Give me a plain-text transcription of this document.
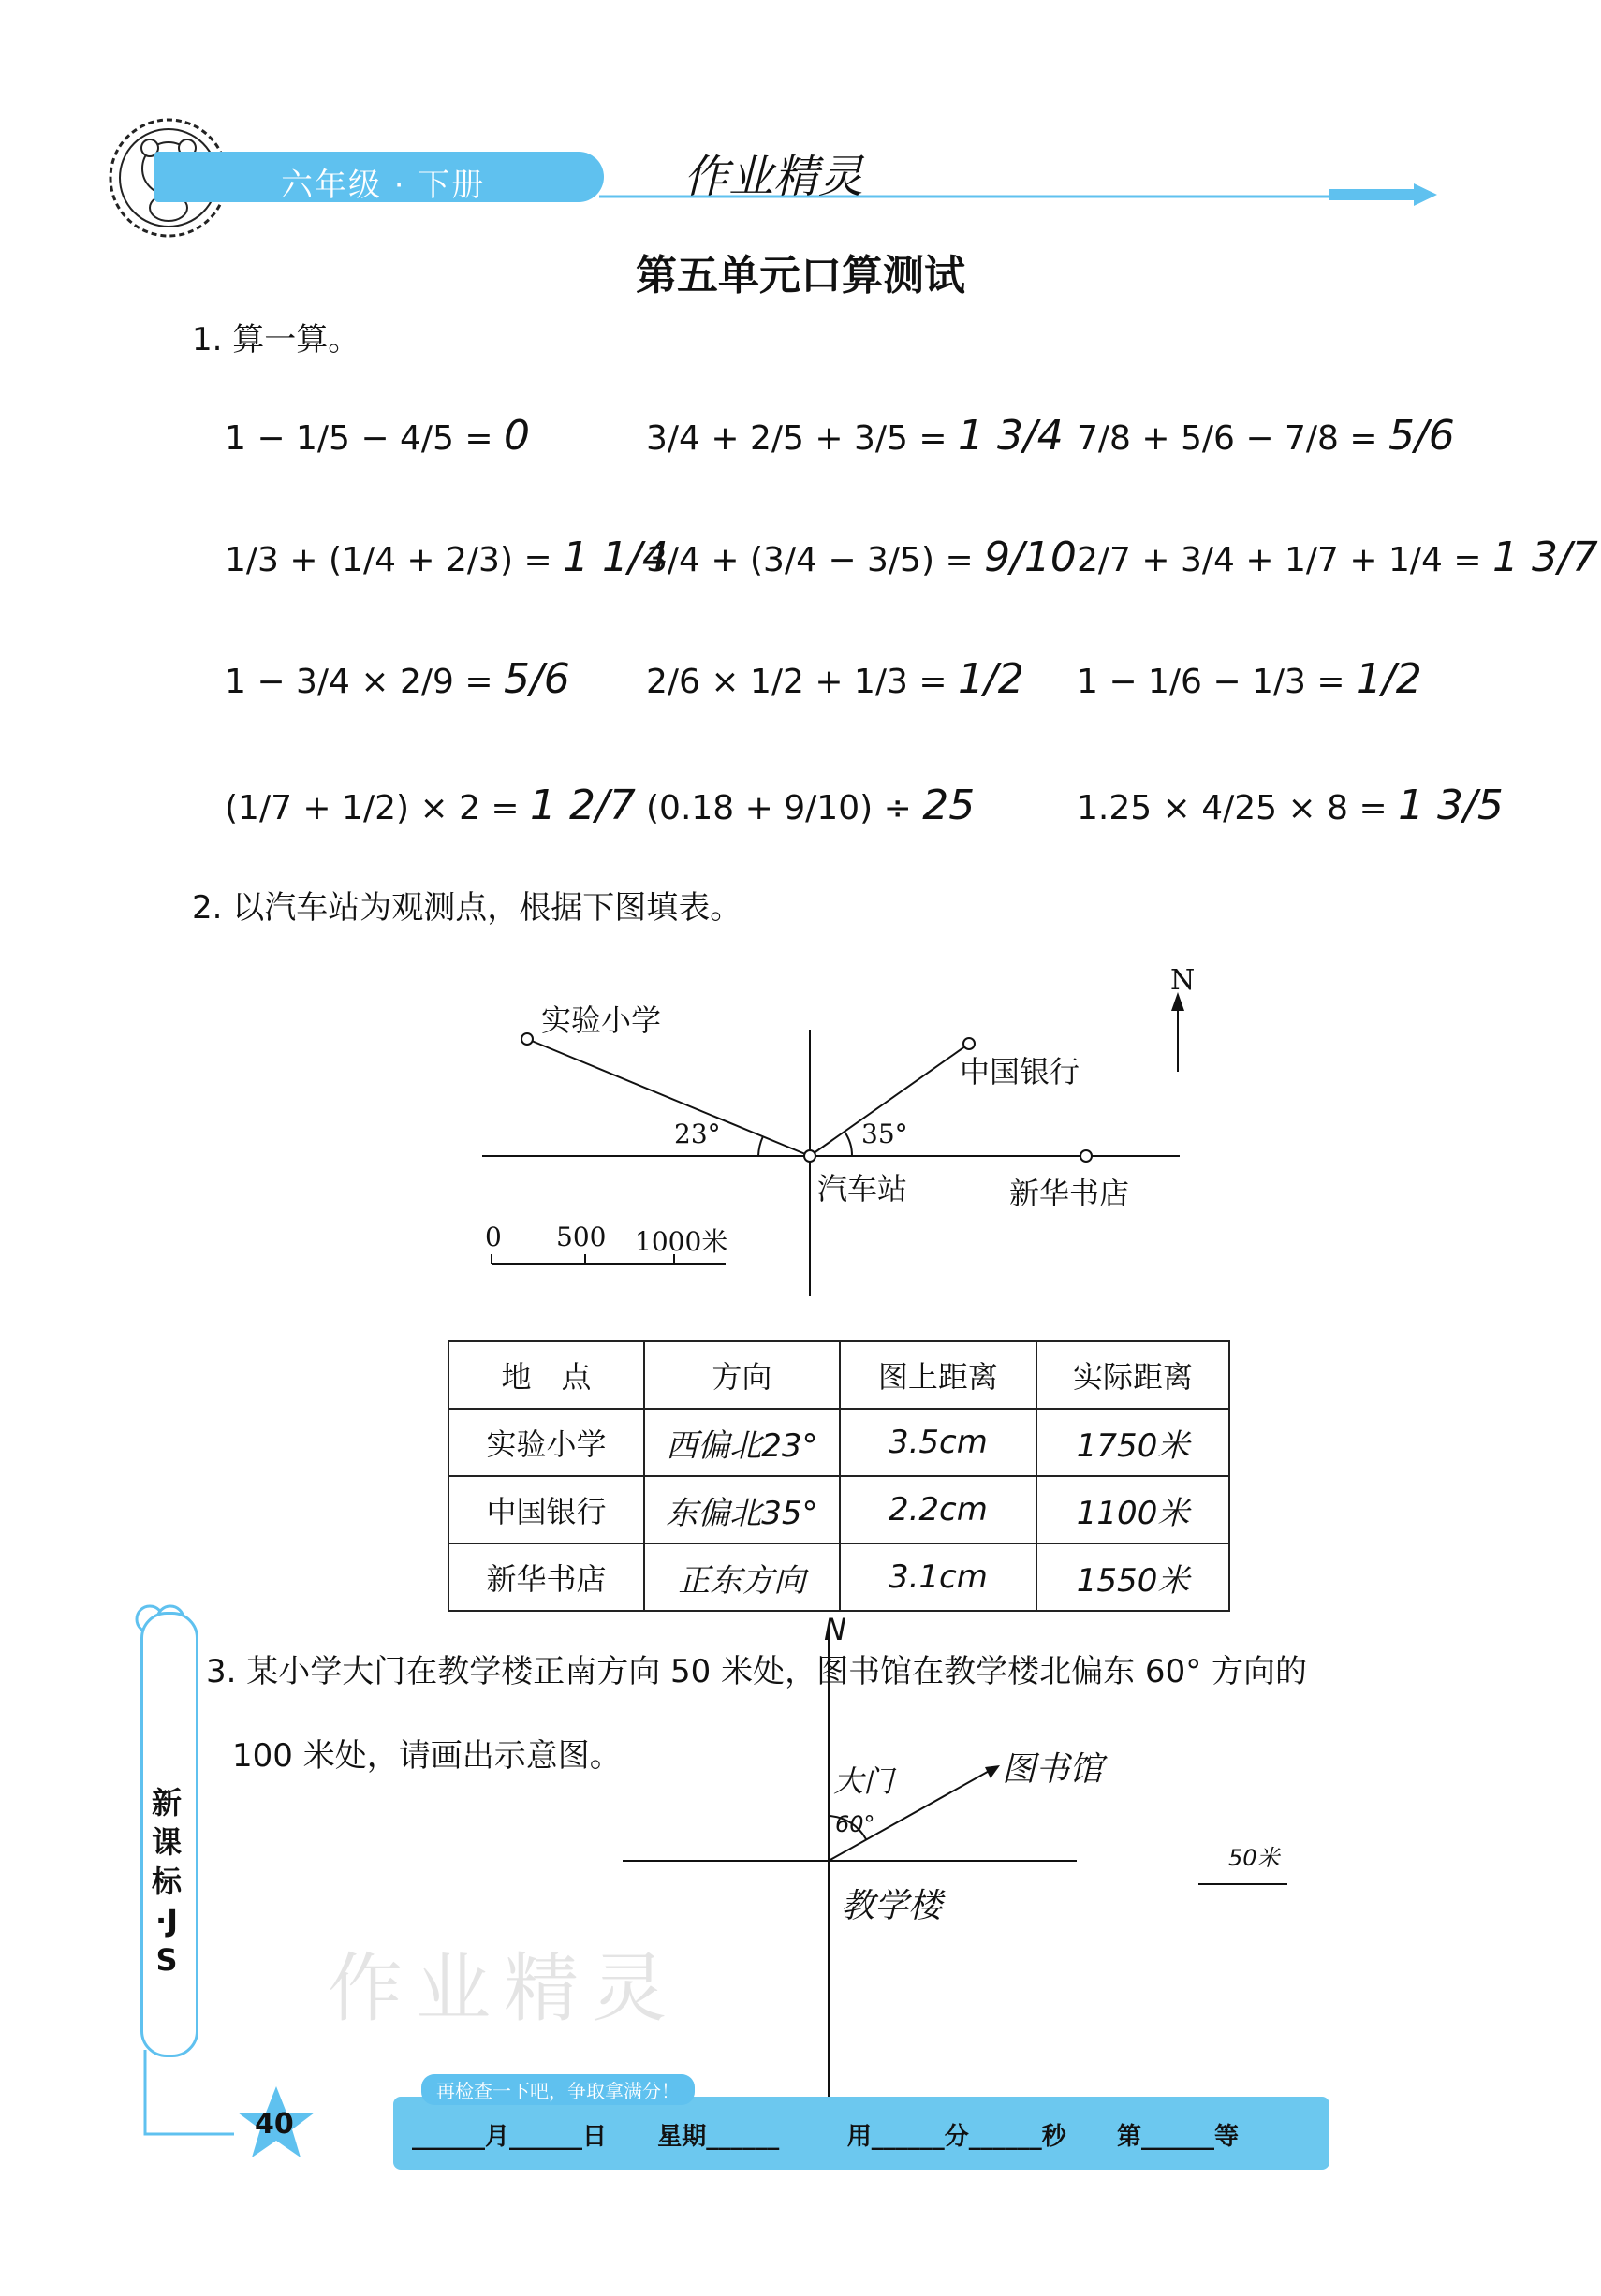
六年级 · 下册	作业精灵
第五单元口算测试
1. 算一算。
1 − 1/5 − 4/5 = 0	3/4 + 2/5 + 3/5 = 1 3/4 7/8 + 5/6 − 7/8 = 5/6
1/3 + (1/4 + 2/3) = 1 1/4
3/4 + (3/4 − 3/5) = 9/10 2/7 + 3/4 + 1/7 + 1/4 = 1 3/7
1 − 3/4 × 2/9 = 5/6 2/6 × 1/2 + 1/3 = 1/2 1 − 1/6 − 1/3 = 1/2
(1/7 + 1/2) × 2 = 1 2/7 (0.18 + 9/10) ÷ 25	1.25 × 4/25 × 8 = 1 3/5
2. 以汽车站为观测点，根据下图填表。
N
实验小学
中国银行
新华书店
汽车站
23°	35°
0 500 1000米
地　点	方向	图上距离	实际距离
实验小学	西偏北23°	3.5cm	1750米
中国银行	东偏北35°	2.2cm	1100米
新华书店	正东方向	3.1cm	1550米
3. 某小学大门在教学楼正南方向 50 米处，图书馆在教学楼北偏东 60° 方向的
100 米处，请画出示意图。
N
大门	图书馆
60°
教学楼
50米
作业精灵
新课标·JS
40
再检查一下吧，争取拿满分！
______月______日      星期______        用______分______秒      第______等
